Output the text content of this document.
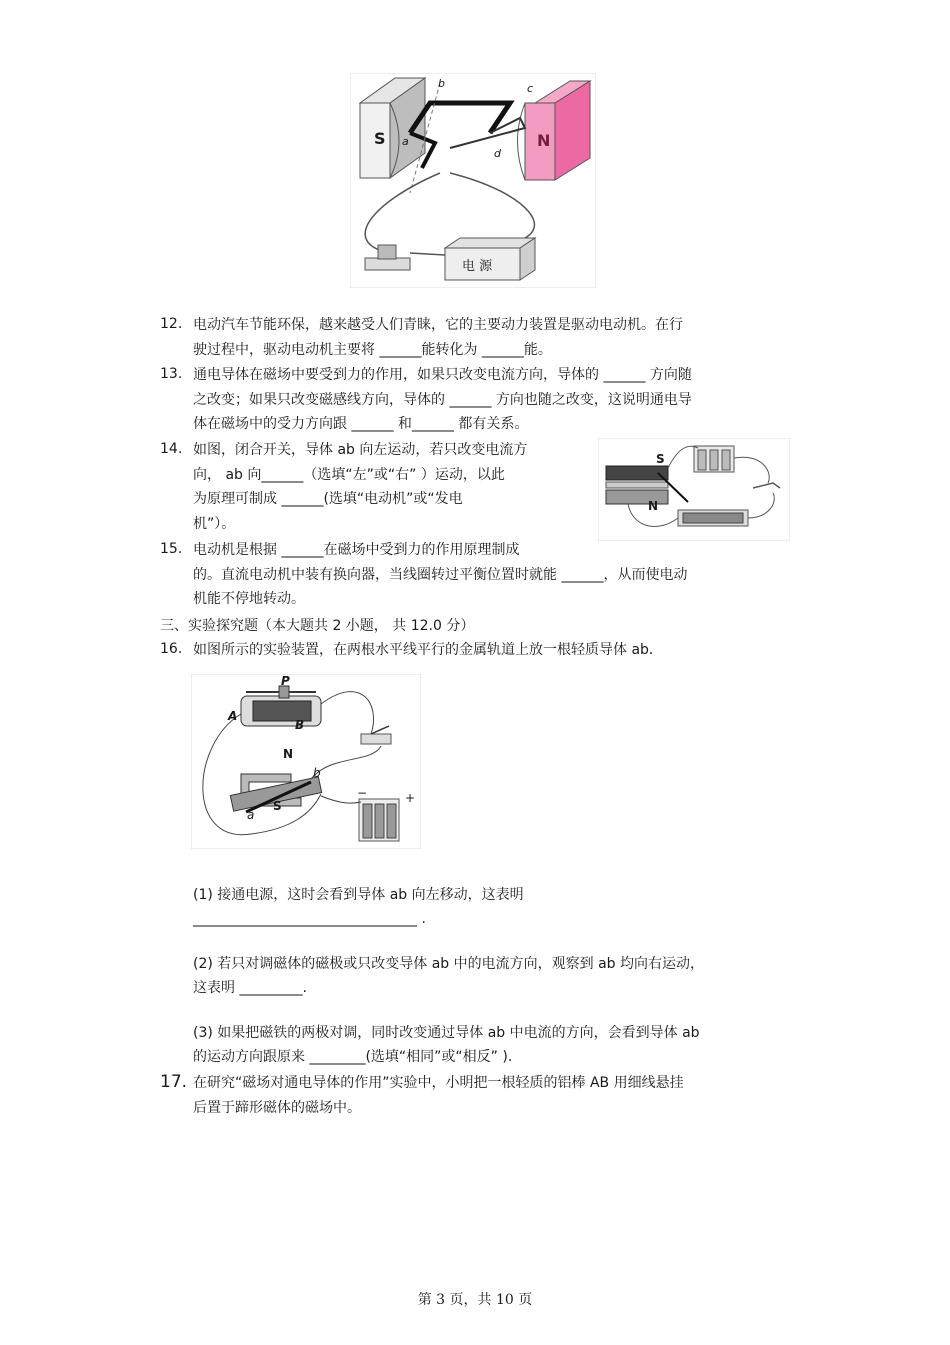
S	N
a
b	c
d
电 源
12. 电动汽车节能环保，越来越受人们青睐，它的主要动力装置是驱动电动机。在行
驶过程中，驱动电动机主要将 ______能转化为 ______能。
13. 通电导体在磁场中要受到力的作用，如果只改变电流方向，导体的 ______ 方向随
之改变；如果只改变磁感线方向，导体的 ______ 方向也随之改变，这说明通电导
体在磁场中的受力方向跟 ______ 和______ 都有关系。
14. 如图，闭合开关，导体 ab 向左运动，若只改变电流方
向， ab 向______（选填“左”或“右” ）运动，以此
为原理可制成 ______(选填“电动机”或“发电
机”）。
S
N
15. 电动机是根据 ______在磁场中受到力的作用原理制成
的。直流电动机中装有换向器，当线圈转过平衡位置时就能 ______，从而使电动
机能不停地转动。
三、实验探究题（本大题共 2 小题， 共 12.0 分）
16. 如图所示的实验装置，在两根水平线平行的金属轨道上放一根轻质导体 ab．
P
A
B
N
b
S
a
−	+
(1) 接通电源，这时会看到导体 ab 向左移动，这表明
________________________________ .
(2) 若只对调磁体的磁极或只改变导体 ab 中的电流方向，观察到 ab 均向右运动，
这表明 _________.
(3) 如果把磁铁的两极对调，同时改变通过导体 ab 中电流的方向，会看到导体 ab
的运动方向跟原来 ________(选填“相同”或“相反” ).
17. 在研究“磁场对通电导体的作用”实验中，小明把一根轻质的铝棒 AB 用细线悬挂
后置于蹄形磁体的磁场中。
第 3 页，共 10 页
